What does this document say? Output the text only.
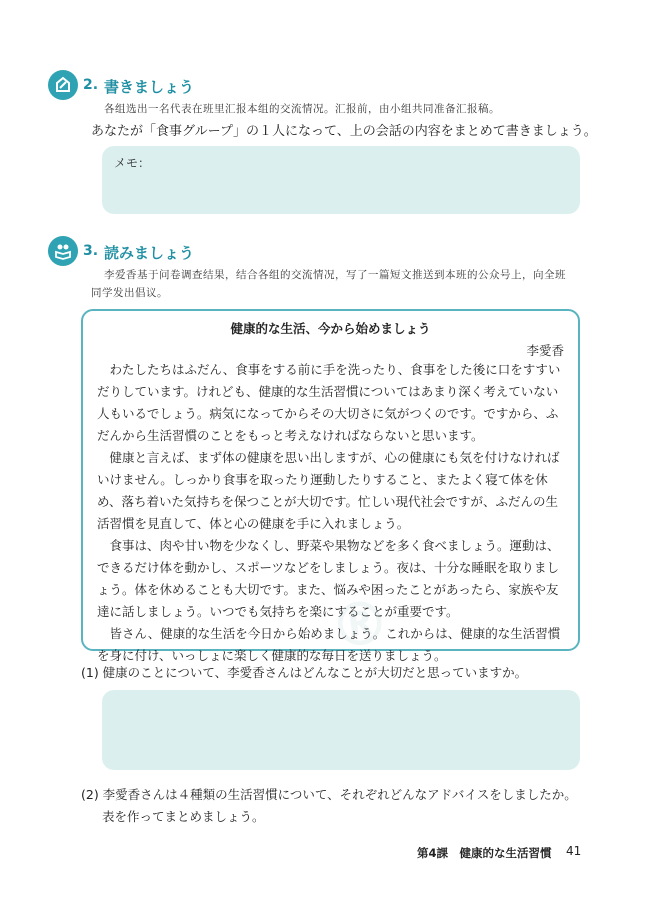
2. 書きましょう
各组选出一名代表在班里汇报本组的交流情况。汇报前，由小组共同准备汇报稿。
あなたが「食事グループ」の１人になって、上の会話の内容をまとめて書きましょう。
メモ：
3. 読みましょう
李爱香基于问卷调查结果，结合各组的交流情况，写了一篇短文推送到本班的公众号上，向全班
同学发出倡议。
健康的な生活、今から始めましょう
李愛香

わたしたちはふだん、食事をする前に手を洗ったり、食事をした後に口をすすいだりしています。けれども、健康的な生活習慣についてはあまり深く考えていない人もいるでしょう。病気になってからその大切さに気がつくのです。ですから、ふだんから生活習慣のことをもっと考えなければならないと思います。

健康と言えば、まず体の健康を思い出しますが、心の健康にも気を付けなければいけません。しっかり食事を取ったり運動したりすること、またよく寝て体を休め、落ち着いた気持ちを保つことが大切です。忙しい現代社会ですが、ふだんの生活習慣を見直して、体と心の健康を手に入れましょう。

食事は、肉や甘い物を少なくし、野菜や果物などを多く食べましょう。運動は、できるだけ体を動かし、スポーツなどをしましょう。夜は、十分な睡眠を取りましょう。体を休めることも大切です。また、悩みや困ったことがあったら、家族や友達に話しましょう。いつでも気持ちを楽にすることが重要です。

皆さん、健康的な生活を今日から始めましょう。これからは、健康的な生活習慣を身に付け、いっしょに楽しく健康的な毎日を送りましょう。

(1) 健康のことについて、李愛香さんはどんなことが大切だと思っていますか。
(2) 李愛香さんは４種類の生活習慣について、それぞれどんなアドバイスをしましたか。
表を作ってまとめましょう。
第4課　健康的な生活習慣 41
